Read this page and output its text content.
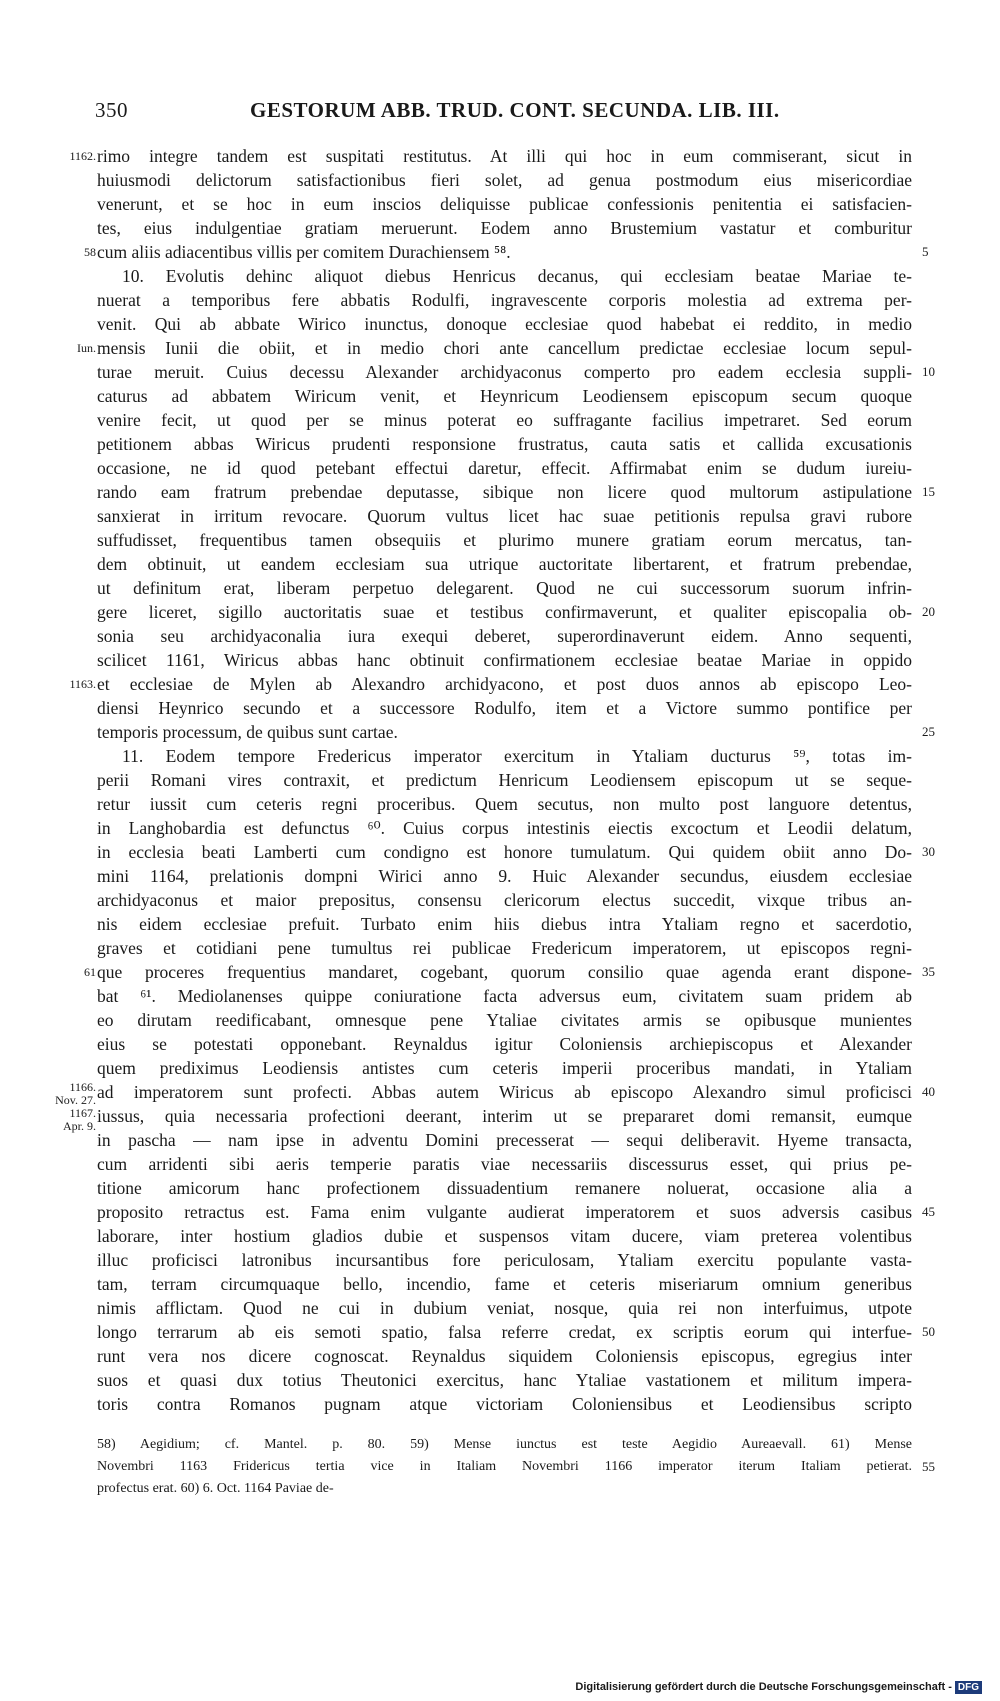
350	GESTORUM ABB. TRUD. CONT. SECUNDA. LIB. III.
rimo integre tandem est suspitati restitutus. At illi qui hoc in eum commiserant, sicut in
huiusmodi delictorum satisfactionibus fieri solet, ad genua postmodum eius misericordiae
venerunt, et se hoc in eum inscios deliquisse publicae confessionis penitentia ei satisfacien-
tes, eius indulgentiae gratiam meruerunt. Eodem anno Brustemium vastatur et comburitur
cum aliis adiacentibus villis per comitem Durachiensem ⁵⁸.
10. Evolutis dehinc aliquot diebus Henricus decanus, qui ecclesiam beatae Mariae te-
nuerat a temporibus fere abbatis Rodulfi, ingravescente corporis molestia ad extrema per-
venit. Qui ab abbate Wirico inunctus, donoque ecclesiae quod habebat ei reddito, in medio
mensis Iunii die obiit, et in medio chori ante cancellum predictae ecclesiae locum sepul-
turae meruit. Cuius decessu Alexander archidyaconus comperto pro eadem ecclesia suppli-
caturus ad abbatem Wiricum venit, et Heynricum Leodiensem episcopum secum quoque
venire fecit, ut quod per se minus poterat eo suffragante facilius impetraret. Sed eorum
petitionem abbas Wiricus prudenti responsione frustratus, cauta satis et callida excusationis
occasione, ne id quod petebant effectui daretur, effecit. Affirmabat enim se dudum iureiu-
rando eam fratrum prebendae deputasse, sibique non licere quod multorum astipulatione
sanxierat in irritum revocare. Quorum vultus licet hac suae petitionis repulsa gravi rubore
suffudisset, frequentibus tamen obsequiis et plurimo munere gratiam eorum mercatus, tan-
dem obtinuit, ut eandem ecclesiam sua utrique auctoritate libertarent, et fratrum prebendae,
ut definitum erat, liberam perpetuo delegarent. Quod ne cui successorum suorum infrin-
gere liceret, sigillo auctoritatis suae et testibus confirmaverunt, et qualiter episcopalia ob-
sonia seu archidyaconalia iura exequi deberet, superordinaverunt eidem. Anno sequenti,
scilicet 1161, Wiricus abbas hanc obtinuit confirmationem ecclesiae beatae Mariae in oppido
et ecclesiae de Mylen ab Alexandro archidyacono, et post duos annos ab episcopo Leo-
diensi Heynrico secundo et a successore Rodulfo, item et a Victore summo pontifice per
temporis processum, de quibus sunt cartae.
11. Eodem tempore Fredericus imperator exercitum in Ytaliam ducturus ⁵⁹, totas im-
perii Romani vires contraxit, et predictum Henricum Leodiensem episcopum ut se seque-
retur iussit cum ceteris regni proceribus. Quem secutus, non multo post languore detentus,
in Langhobardia est defunctus ⁶⁰. Cuius corpus intestinis eiectis excoctum et Leodii delatum,
in ecclesia beati Lamberti cum condigno est honore tumulatum. Qui quidem obiit anno Do-
mini 1164, prelationis dompni Wirici anno 9. Huic Alexander secundus, eiusdem ecclesiae
archidyaconus et maior prepositus, consensu clericorum electus succedit, vixque tribus an-
nis eidem ecclesiae prefuit. Turbato enim hiis diebus intra Ytaliam regno et sacerdotio,
graves et cotidiani pene tumultus rei publicae Fredericum imperatorem, ut episcopos regni-
que proceres frequentius mandaret, cogebant, quorum consilio quae agenda erant dispone-
bat ⁶¹. Mediolanenses quippe coniuratione facta adversus eum, civitatem suam pridem ab
eo dirutam reedificabant, omnesque pene Ytaliae civitates armis se opibusque munientes
eius se potestati opponebant. Reynaldus igitur Coloniensis archiepiscopus et Alexander
quem prediximus Leodiensis antistes cum ceteris imperii proceribus mandati, in Ytaliam
ad imperatorem sunt profecti. Abbas autem Wiricus ab episcopo Alexandro simul proficisci
iussus, quia necessaria profectioni deerant, interim ut se prepararet domi remansit, eumque
in pascha — nam ipse in adventu Domini precesserat — sequi deliberavit. Hyeme transacta,
cum arridenti sibi aeris temperie paratis viae necessariis discessurus esset, qui prius pe-
titione amicorum hanc profectionem dissuadentium remanere noluerat, occasione alia a
proposito retractus est. Fama enim vulgante audierat imperatorem et suos adversis casibus
laborare, inter hostium gladios dubie et suspensos vitam ducere, viam preterea volentibus
illuc proficisci latronibus incursantibus fore periculosam, Ytaliam exercitu populante vasta-
tam, terram circumquaque bello, incendio, fame et ceteris miseriarum omnium generibus
nimis afflictam. Quod ne cui in dubium veniat, nosque, quia rei non interfuimus, utpote
longo terrarum ab eis semoti spatio, falsa referre credat, ex scriptis eorum qui interfue-
runt vera nos dicere cognoscat. Reynaldus siquidem Coloniensis episcopus, egregius inter
suos et quasi dux totius Theutonici exercitus, hanc Ytaliae vastationem et militum impera-
toris contra Romanos pugnam atque victoriam Coloniensibus et Leodiensibus scripto
5
10
15
20
25
30
35
40
45
50
1162.
58
Iun.
1163.
61
1166.
Nov. 27.
1167.
Apr. 9.
58) Aegidium; cf. Mantel. p. 80. 59) Mense iunctus est teste Aegidio Aureaevall. 61) Mense
Novembri 1163 Fridericus tertia vice in Italiam Novembri 1166 imperator iterum Italiam petierat.
profectus erat. 60) 6. Oct. 1164 Paviae de-
55
Digitalisierung gefördert durch die Deutsche Forschungsgemeinschaft - DFG
